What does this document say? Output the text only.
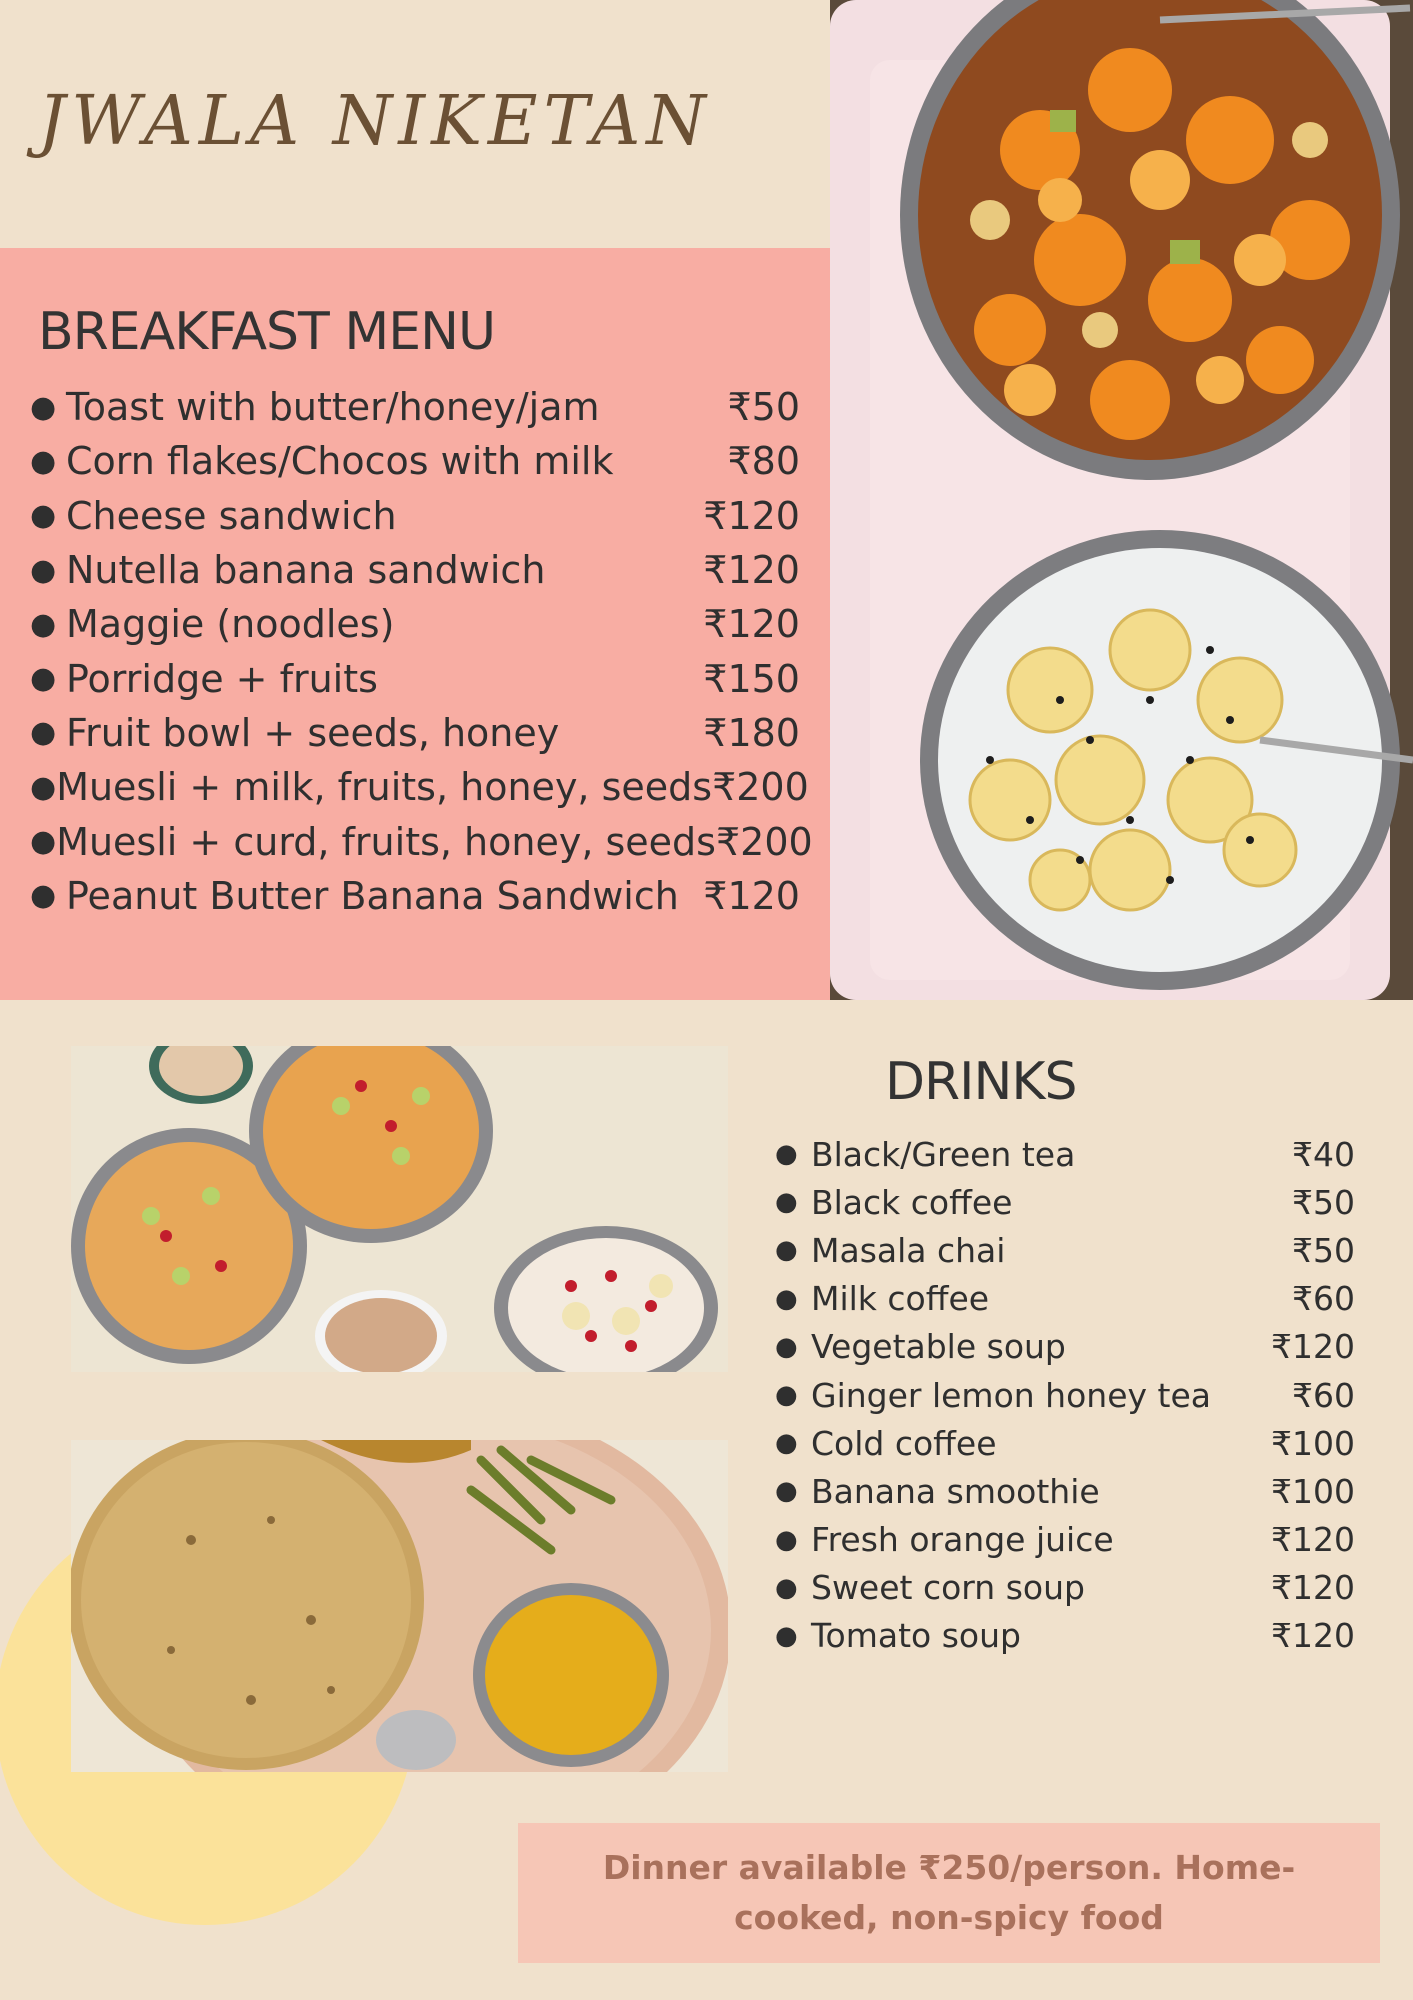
JWALA NIKETAN
BREAKFAST MENU
● Toast with butter/honey/jam	₹50
● Corn flakes/Chocos with milk	₹80
● Cheese sandwich	₹120
● Nutella banana sandwich	₹120
● Maggie (noodles)	₹120
● Porridge + fruits	₹150
● Fruit bowl + seeds, honey	₹180
● Muesli + milk, fruits, honey, seeds ₹200
● Muesli + curd, fruits, honey, seeds ₹200
● Peanut Butter Banana Sandwich ₹120
DRINKS
● Black/Green tea	₹40
● Black coffee	₹50
● Masala chai	₹50
● Milk coffee	₹60
● Vegetable soup	₹120
● Ginger lemon honey tea	₹60
● Cold coffee	₹100
● Banana smoothie	₹100
● Fresh orange juice	₹120
● Sweet corn soup	₹120
● Tomato soup	₹120
Dinner available ₹250/person. Home-cooked, non-spicy food
